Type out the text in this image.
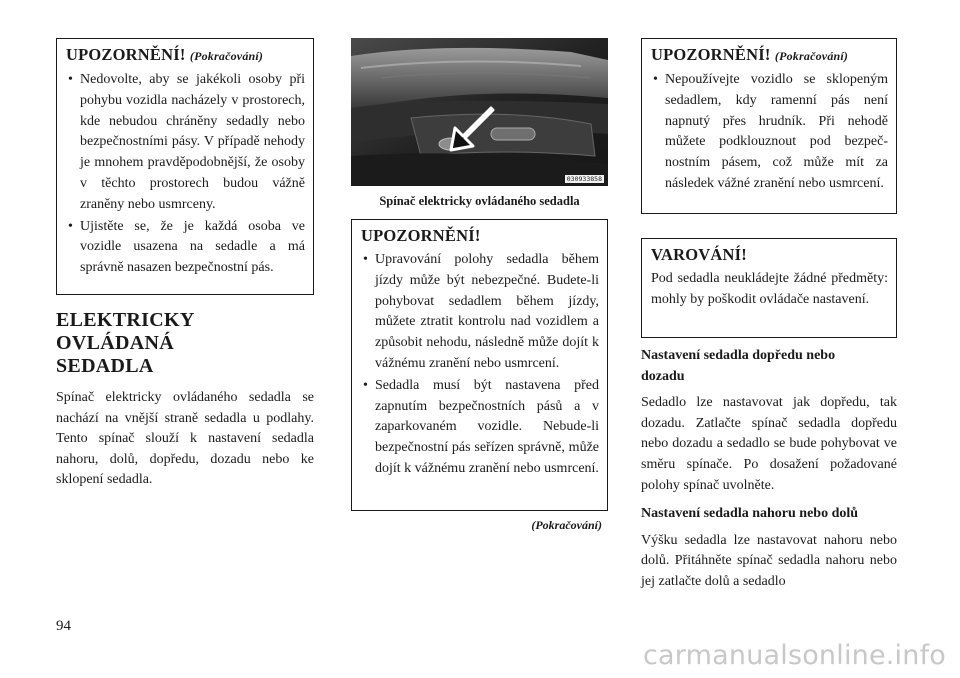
UPOZORNĚNÍ! (Pokračování)
• Nedovolte, aby se jakékoli osoby při pohybu vozidla nacházely v prostorech, kde nebudou chráněny sedadly nebo bezpečnostními pásy. V případě nehody je mnohem pravděpodobnější, že osoby v těchto prostorech budou vážně zraněny nebo usmrceny.
• Ujistěte se, že je každá osoba ve vozidle usazena na sedadle a má správně nasazen bezpečnostní pás.
ELEKTRICKY OVLÁDANÁ
SEDADLA

Spínač elektricky ovládaného sedadla se nachází na vnější straně sedadla u podlahy. Tento spínač slouží k nastavení sedadla nahoru, dolů, dopředu, dozadu nebo ke sklopení sedadla.

030933858
Spínač elektricky ovládaného sedadla
UPOZORNĚNÍ!
• Upravování polohy sedadla během jízdy může být nebezpečné. Budete-li pohybovat sedadlem během jízdy, můžete ztratit kontrolu nad vozidlem a způsobit nehodu, následně může dojít k vážnému zranění nebo usmrcení.
• Sedadla musí být nastavena před zapnutím bezpečnostních pásů a v zaparkovaném vozidle. Nebude-li bezpečnostní pás seřízen správně, může dojít k vážnému zranění nebo usmrcení.
(Pokračování)
UPOZORNĚNÍ! (Pokračování)
• Nepoužívejte vozidlo se sklopeným sedadlem, kdy ramenní pás není napnutý přes hrudník. Při nehodě můžete podklouznout pod bezpečnostním pásem, což může mít za následek vážné zranění nebo usmrcení.
VAROVÁNÍ!

Pod sedadla neukládejte žádné předměty: mohly by poškodit ovládače nastavení.

Nastavení sedadla dopředu nebo
dozadu

Sedadlo lze nastavovat jak dopředu, tak dozadu. Zatlačte spínač sedadla dopředu nebo dozadu a sedadlo se bude pohybovat ve směru spínače. Po dosažení požadované polohy spínač uvolněte.

Nastavení sedadla nahoru nebo dolů

Výšku sedadla lze nastavovat nahoru nebo dolů. Přitáhněte spínač sedadla nahoru nebo jej zatlačte dolů a sedadlo

94
carmanualsonline.info
